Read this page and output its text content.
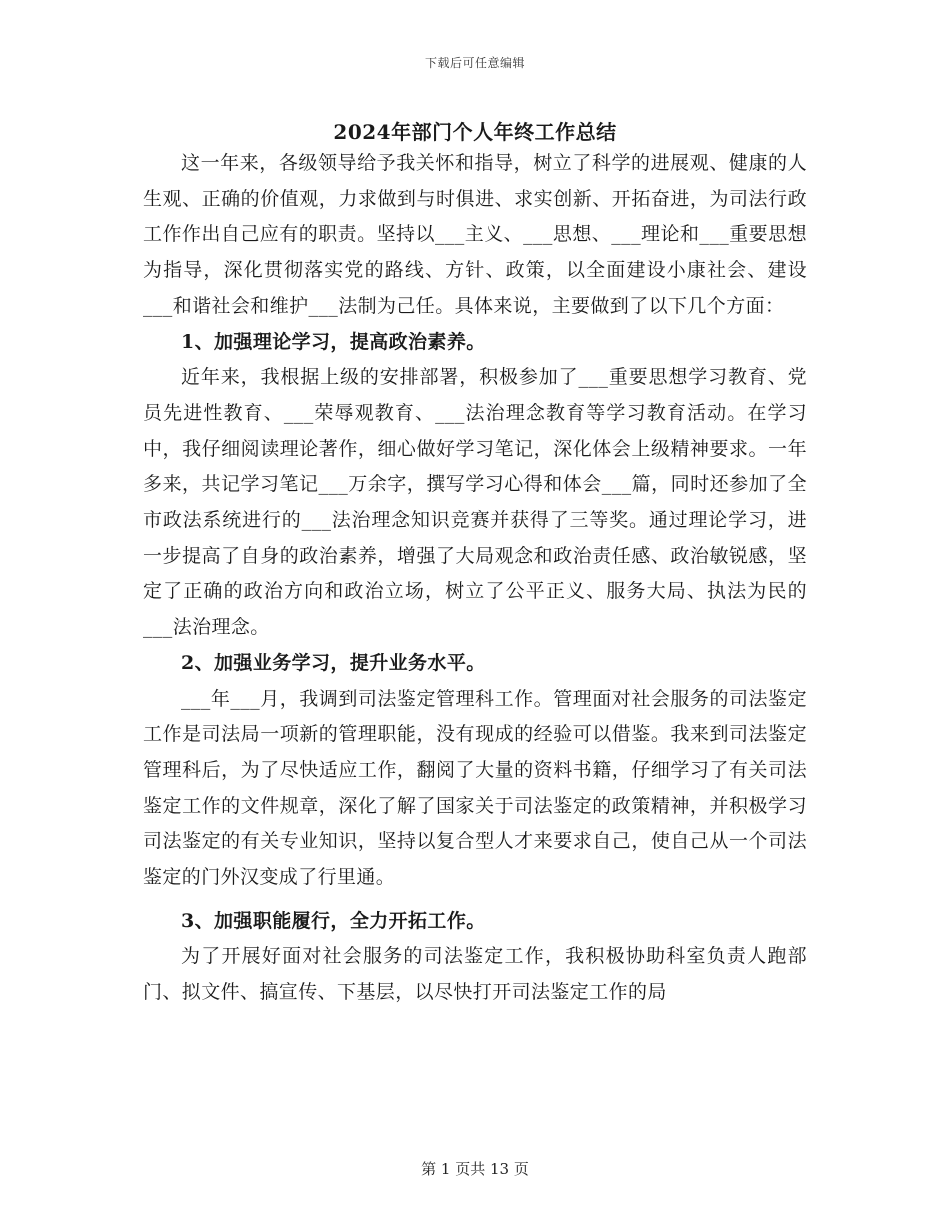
下载后可任意编辑
2024年部门个人年终工作总结

这一年来，各级领导给予我关怀和指导，树立了科学的进展观、健康的人生观、正确的价值观，力求做到与时俱进、求实创新、开拓奋进，为司法行政工作作出自己应有的职责。坚持以___主义、___思想、___理论和___重要思想为指导，深化贯彻落实党的路线、方针、政策，以全面建设小康社会、建设___和谐社会和维护___法制为己任。具体来说，主要做到了以下几个方面：

1、加强理论学习，提高政治素养。

近年来，我根据上级的安排部署，积极参加了___重要思想学习教育、党员先进性教育、___荣辱观教育、___法治理念教育等学习教育活动。在学习中，我仔细阅读理论著作，细心做好学习笔记，深化体会上级精神要求。一年多来，共记学习笔记___万余字，撰写学习心得和体会___篇，同时还参加了全市政法系统进行的___法治理念知识竞赛并获得了三等奖。通过理论学习，进一步提高了自身的政治素养，增强了大局观念和政治责任感、政治敏锐感，坚定了正确的政治方向和政治立场，树立了公平正义、服务大局、执法为民的___法治理念。

2、加强业务学习，提升业务水平。

___年___月，我调到司法鉴定管理科工作。管理面对社会服务的司法鉴定工作是司法局一项新的管理职能，没有现成的经验可以借鉴。我来到司法鉴定管理科后，为了尽快适应工作，翻阅了大量的资料书籍，仔细学习了有关司法鉴定工作的文件规章，深化了解了国家关于司法鉴定的政策精神，并积极学习司法鉴定的有关专业知识，坚持以复合型人才来要求自己，使自己从一个司法鉴定的门外汉变成了行里通。

3、加强职能履行，全力开拓工作。

为了开展好面对社会服务的司法鉴定工作，我积极协助科室负责人跑部门、拟文件、搞宣传、下基层，以尽快打开司法鉴定工作的局

第 1 页共 13 页
